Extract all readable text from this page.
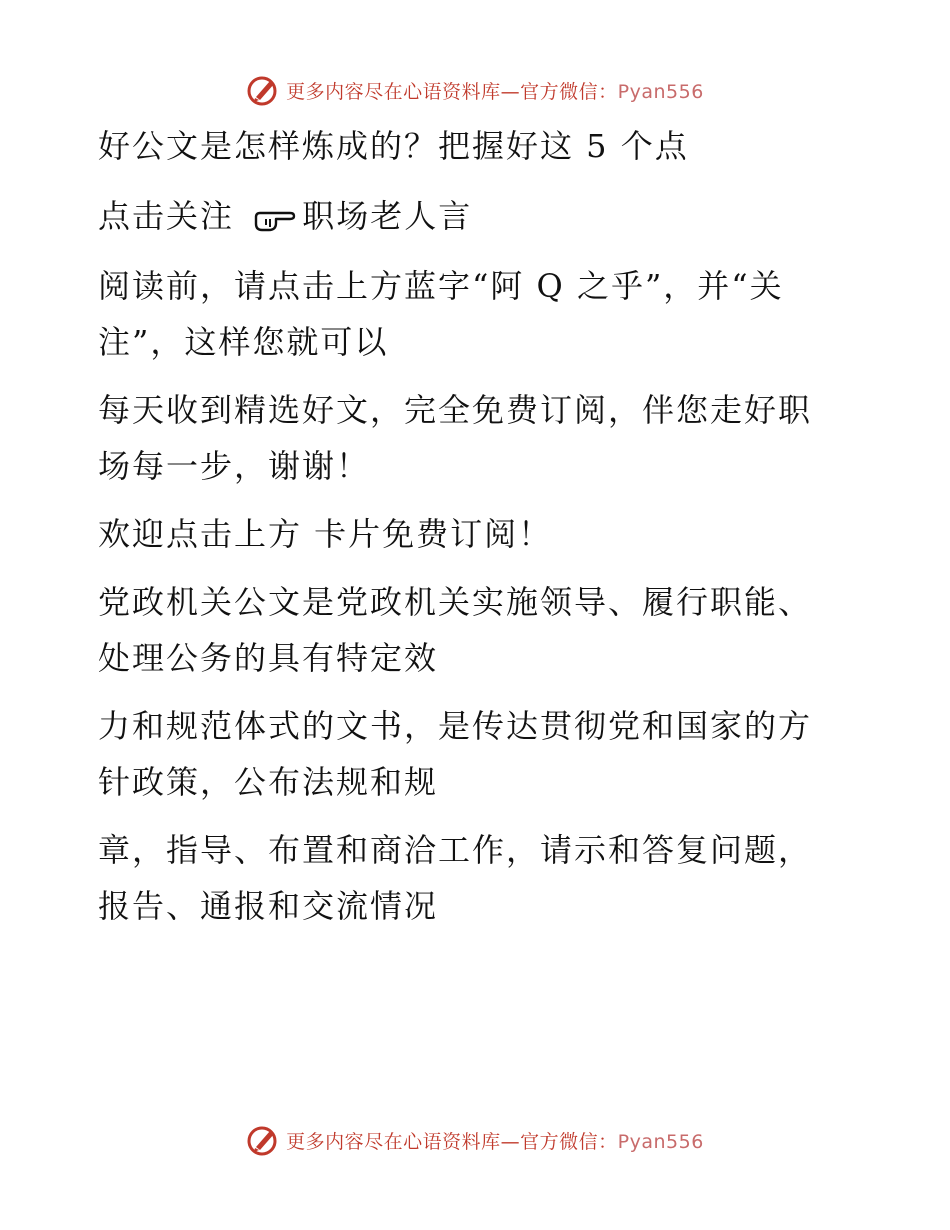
更多内容尽在心语资料库—官方微信：Pyan556

好公文是怎样炼成的？把握好这 5 个点

点击关注 职场老人言

阅读前，请点击上方蓝字“阿 Q 之乎”，并“关
注”，这样您就可以

每天收到精选好文，完全免费订阅，伴您走好职
场每一步，谢谢！

欢迎点击上方 卡片免费订阅！

党政机关公文是党政机关实施领导、履行职能、
处理公务的具有特定效

力和规范体式的文书，是传达贯彻党和国家的方
针政策，公布法规和规

章，指导、布置和商洽工作，请示和答复问题，
报告、通报和交流情况

更多内容尽在心语资料库—官方微信：Pyan556
